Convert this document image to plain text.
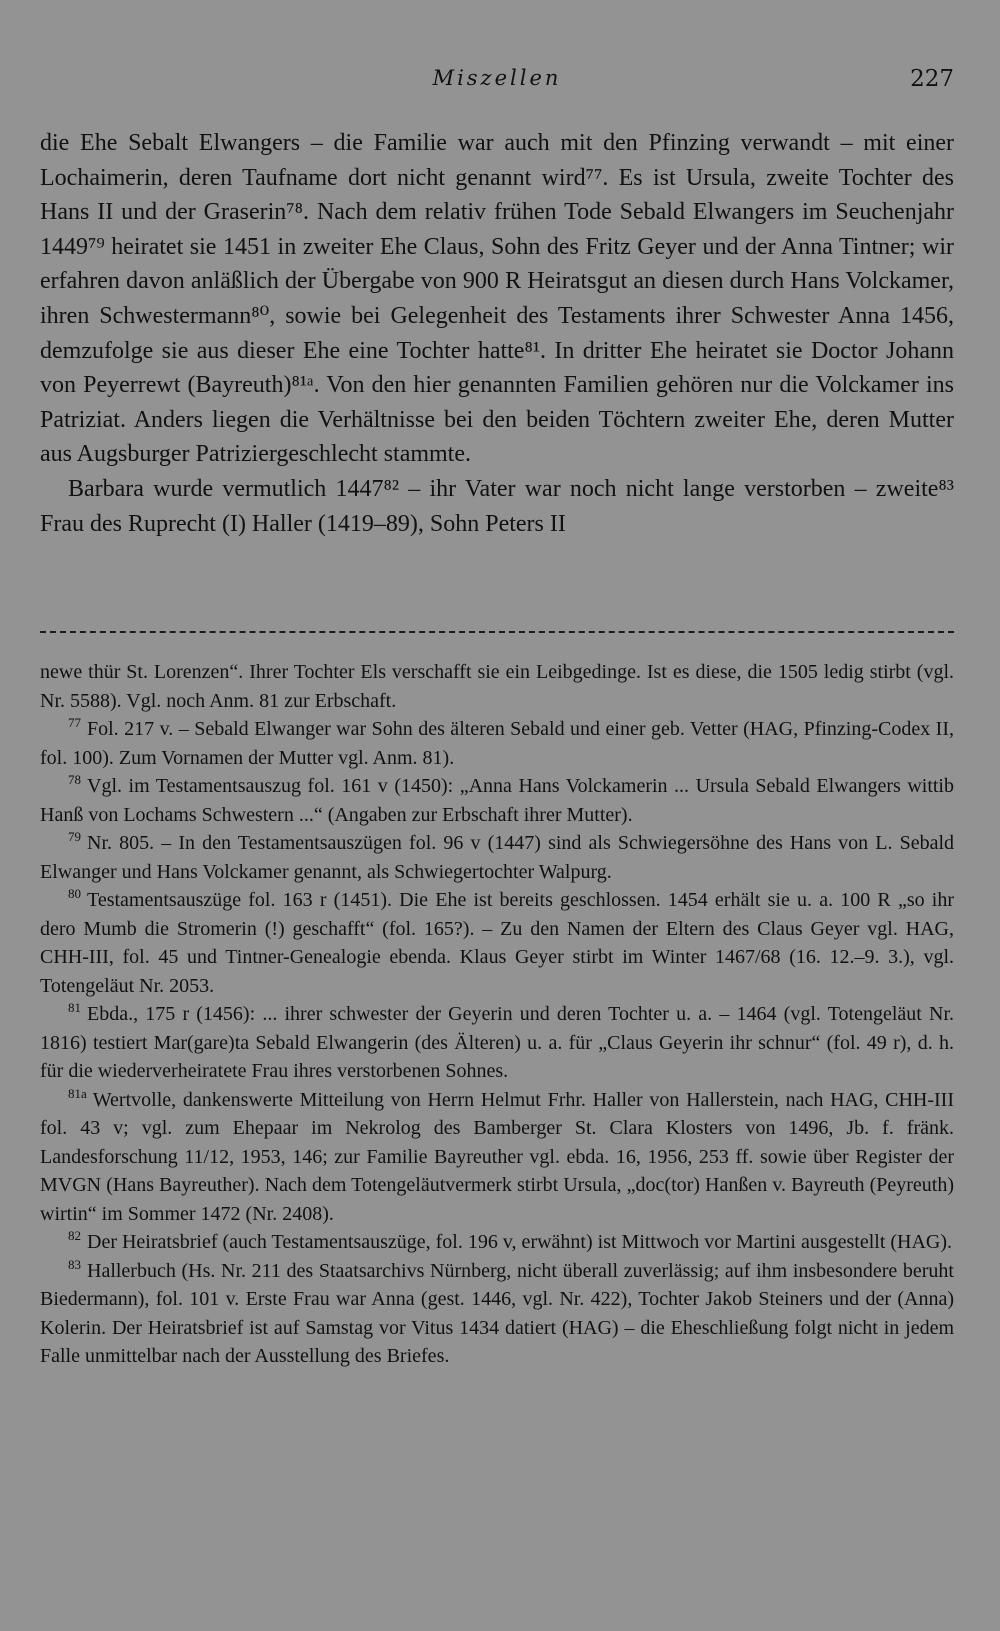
Miszellen	227

die Ehe Sebalt Elwangers – die Familie war auch mit den Pfinzing verwandt – mit einer Lochaimerin, deren Taufname dort nicht genannt wird⁷⁷. Es ist Ursula, zweite Tochter des Hans II und der Graserin⁷⁸. Nach dem relativ frühen Tode Sebald Elwangers im Seuchenjahr 1449⁷⁹ heiratet sie 1451 in zweiter Ehe Claus, Sohn des Fritz Geyer und der Anna Tintner; wir erfahren davon anläßlich der Übergabe von 900 R Heiratsgut an diesen durch Hans Volckamer, ihren Schwestermann⁸⁰, sowie bei Gelegenheit des Testaments ihrer Schwester Anna 1456, demzufolge sie aus dieser Ehe eine Tochter hatte⁸¹. In dritter Ehe heiratet sie Doctor Johann von Peyerrewt (Bayreuth)⁸¹ᵃ. Von den hier genannten Familien gehören nur die Volckamer ins Patriziat. Anders liegen die Verhältnisse bei den beiden Töchtern zweiter Ehe, deren Mutter aus Augsburger Patriziergeschlecht stammte.

Barbara wurde vermutlich 1447⁸² – ihr Vater war noch nicht lange verstorben – zweite⁸³ Frau des Ruprecht (I) Haller (1419–89), Sohn Peters II

newe thür St. Lorenzen“. Ihrer Tochter Els verschafft sie ein Leibgedinge. Ist es diese, die 1505 ledig stirbt (vgl. Nr. 5588). Vgl. noch Anm. 81 zur Erbschaft.

$^{77}$ Fol. 217 v. – Sebald Elwanger war Sohn des älteren Sebald und einer geb. Vetter (HAG, Pfinzing-Codex II, fol. 100). Zum Vornamen der Mutter vgl. Anm. 81).

$^{78}$ Vgl. im Testamentsauszug fol. 161 v (1450): „Anna Hans Volckamerin ... Ursula Sebald Elwangers wittib Hanß von Lochams Schwestern ...“ (Angaben zur Erbschaft ihrer Mutter).

$^{79}$ Nr. 805. – In den Testamentsauszügen fol. 96 v (1447) sind als Schwiegersöhne des Hans von L. Sebald Elwanger und Hans Volckamer genannt, als Schwiegertochter Walpurg.

$^{80}$ Testamentsauszüge fol. 163 r (1451). Die Ehe ist bereits geschlossen. 1454 erhält sie u. a. 100 R „so ihr dero Mumb die Stromerin (!) geschafft“ (fol. 165?). – Zu den Namen der Eltern des Claus Geyer vgl. HAG, CHH-III, fol. 45 und Tintner-Genealogie ebenda. Klaus Geyer stirbt im Winter 1467/68 (16. 12.–9. 3.), vgl. Totengeläut Nr. 2053.

$^{81}$ Ebda., 175 r (1456): ... ihrer schwester der Geyerin und deren Tochter u. a. – 1464 (vgl. Totengeläut Nr. 1816) testiert Mar(gare)ta Sebald Elwangerin (des Älteren) u. a. für „Claus Geyerin ihr schnur“ (fol. 49 r), d. h. für die wiederverheiratete Frau ihres verstorbenen Sohnes.

$^{81a}$ Wertvolle, dankenswerte Mitteilung von Herrn Helmut Frhr. Haller von Hallerstein, nach HAG, CHH-III fol. 43 v; vgl. zum Ehepaar im Nekrolog des Bamberger St. Clara Klosters von 1496, Jb. f. fränk. Landesforschung 11/12, 1953, 146; zur Familie Bayreuther vgl. ebda. 16, 1956, 253 ff. sowie über Register der MVGN (Hans Bayreuther). Nach dem Totengeläutvermerk stirbt Ursula, „doc(tor) Hanßen v. Bayreuth (Peyreuth) wirtin“ im Sommer 1472 (Nr. 2408).

$^{82}$ Der Heiratsbrief (auch Testamentsauszüge, fol. 196 v, erwähnt) ist Mittwoch vor Martini ausgestellt (HAG).

$^{83}$ Hallerbuch (Hs. Nr. 211 des Staatsarchivs Nürnberg, nicht überall zuverlässig; auf ihm insbesondere beruht Biedermann), fol. 101 v. Erste Frau war Anna (gest. 1446, vgl. Nr. 422), Tochter Jakob Steiners und der (Anna) Kolerin. Der Heiratsbrief ist auf Samstag vor Vitus 1434 datiert (HAG) – die Eheschließung folgt nicht in jedem Falle unmittelbar nach der Ausstellung des Briefes.
